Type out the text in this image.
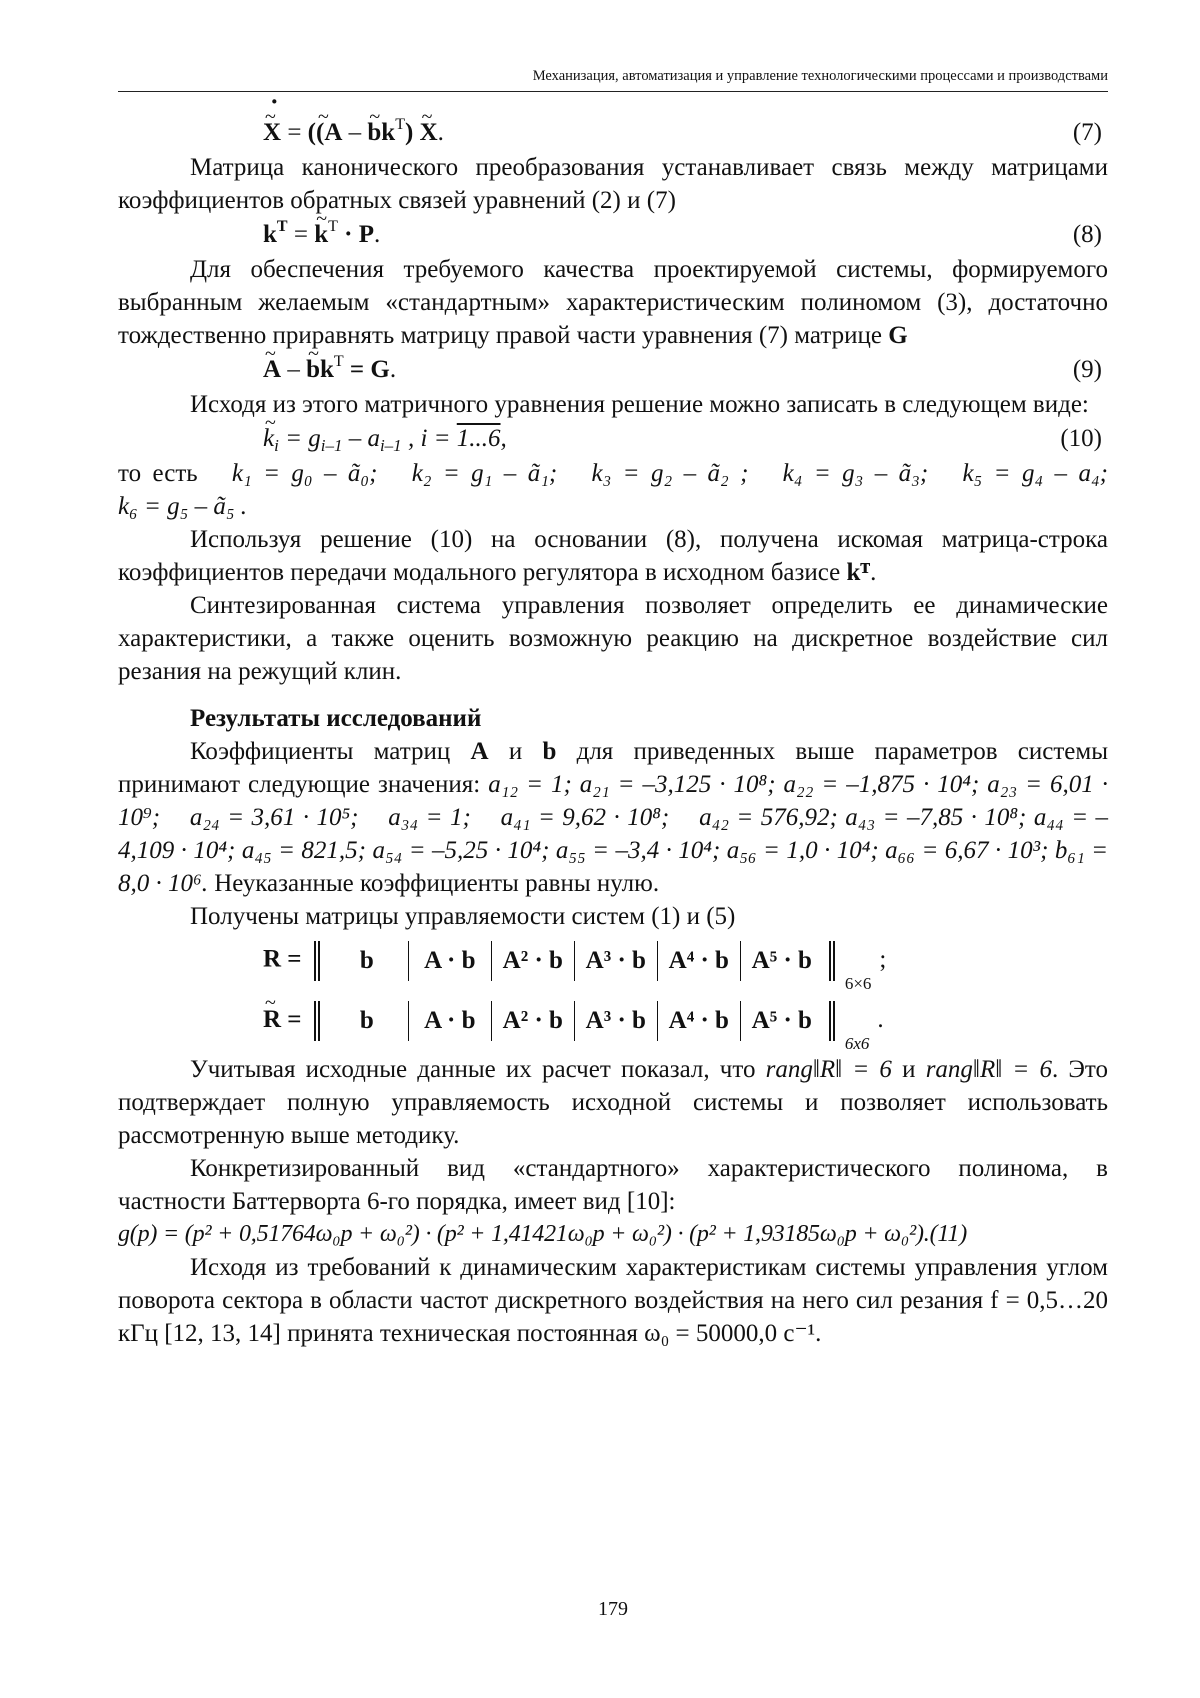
Механизация, автоматизация и управление технологическими процессами и производствами
~ X · = (~ (A – ~ $bk^T$) ~ X.	(7)

Матрица канонического преобразования устанавливает связь между матрицами коэффициентов обратных связей уравнений (2) и (7)

$k^T$ = ~ $k^T \cdot P$.	(8)

Для обеспечения требуемого качества проектируемой системы, формируемого выбранным желаемым «стандартным» характеристическим полиномом (3), достаточно тождественно приравнять матрицу правой части уравнения (7) матрице G

~ A – ~ $bk^T = G$.	(9)

Исходя из этого матричного уравнения решение можно записать в следующем виде:

~ $k_i = g_{i-1} - a_{i-1}$ , i = 1...6,	(10)

то есть k₁ = g₀ – ã₀; k₂ = g₁ – ã₁; k₃ = g₂ – ã₂ ; k₄ = g₃ – ã₃; k₅ = g₄ – a₄;

k₆ = g₅ – ã₅ .

Используя решение (10) на основании (8), получена искомая матрица-строка коэффициентов передачи модального регулятора в исходном базисе kᵀ.

Синтезированная система управления позволяет определить ее динамические характеристики, а также оценить возможную реакцию на дискретное воздействие сил резания на режущий клин.

Результаты исследований

Коэффициенты матриц A и b для приведенных выше параметров системы принимают следующие значения: a₁₂ = 1; a₂₁ = –3,125 · 10⁸; a₂₂ = –1,875 · 10⁴; a₂₃ = 6,01 · 10⁹; a₂₄ = 3,61 · 10⁵; a₃₄ = 1; a₄₁ = 9,62 · 10⁸; a₄₂ = 576,92; a₄₃ = –7,85 · 10⁸; a₄₄ = –4,109 · 10⁴; a₄₅ = 821,5; a₅₄ = –5,25 · 10⁴; a₅₅ = –3,4 · 10⁴; a₅₆ = 1,0 · 10⁴; a₆₆ = 6,67 · 10³; b₆₁ = 8,0 · 10⁶. Неуказанные коэффициенты равны нулю.

Получены матрицы управляемости систем (1) и (5)

R = b A · b A² · b A³ · b A⁴ · b $A^5 \cdot b_{6\times 6}$;
~ R = b A · b A² · b A³ · b A⁴ · b $A^5 \cdot b_{6x6}$.

Учитывая исходные данные их расчет показал, что rang‖R‖ = 6 и rang‖R‖ = 6. Это подтверждает полную управляемость исходной системы и позволяет использовать рассмотренную выше методику.

Конкретизированный вид «стандартного» характеристического полинома, в частности Баттерворта 6-го порядка, имеет вид [10]:

g(p) = (p² + 0,51764ω₀p + ω₀²) · (p² + 1,41421ω₀p + ω₀²) · (p² + 1,93185ω₀p + ω₀²).(11)

Исходя из требований к динамическим характеристикам системы управления углом поворота сектора в области частот дискретного воздействия на него сил резания f = 0,5…20 кГц [12, 13, 14] принята техническая постоянная ω₀ = 50000,0 с⁻¹.

179
